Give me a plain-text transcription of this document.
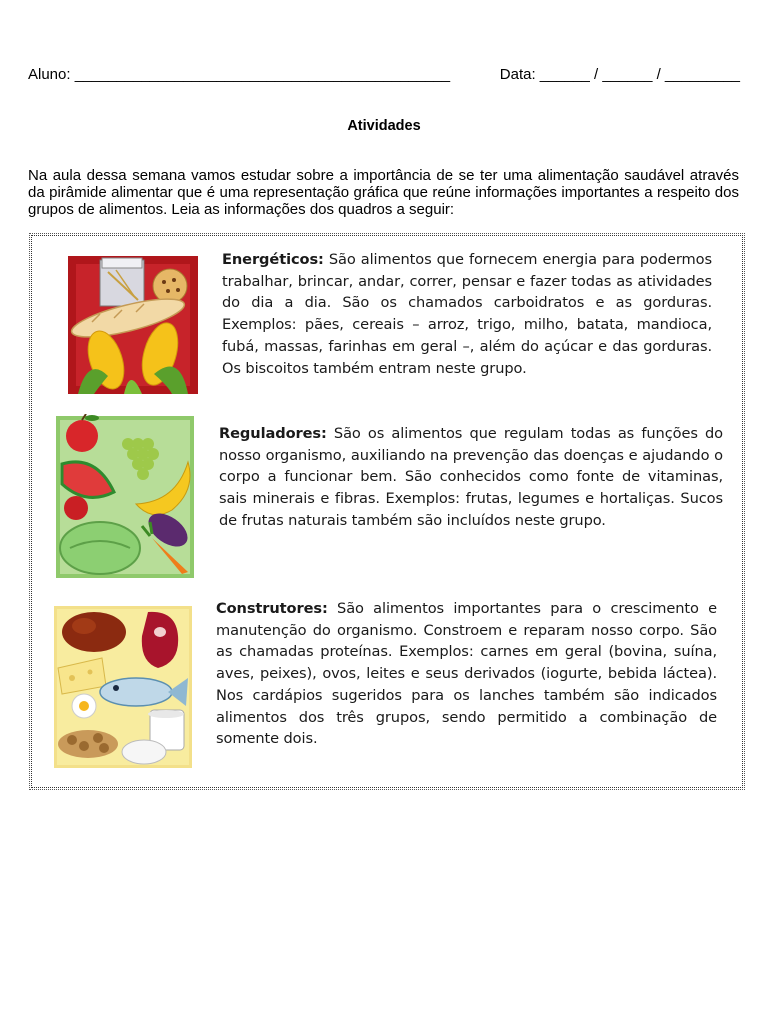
Aluno: _____________________________________________	Data: ______ / ______ / _________
Atividades

Na aula dessa semana vamos estudar sobre a importância de se ter uma alimentação saudável através da pirâmide alimentar que é uma representação gráfica que reúne informações importantes a respeito dos grupos de alimentos. Leia as informações dos quadros a seguir:

Energéticos: São alimentos que fornecem energia para podermos trabalhar, brincar, andar, correr, pensar e fazer todas as atividades do dia a dia. São os chamados carboidratos e as gorduras. Exemplos: pães, cereais – arroz, trigo, milho, batata, mandioca, fubá, massas, farinhas em geral –, além do açúcar e das gorduras. Os biscoitos também entram neste grupo.
Reguladores: São os alimentos que regulam todas as funções do nosso organismo, auxiliando na prevenção das doenças e ajudando o corpo a funcionar bem. São conhecidos como fonte de vitaminas, sais minerais e fibras. Exemplos: frutas, legumes e hortaliças. Sucos de frutas naturais também são incluídos neste grupo.
Construtores: São alimentos importantes para o crescimento e manutenção do organismo. Constroem e reparam nosso corpo. São as chamadas proteínas. Exemplos: carnes em geral (bovina, suína, aves, peixes), ovos, leites e seus derivados (iogurte, bebida láctea). Nos cardápios sugeridos para os lanches também são indicados alimentos dos três grupos, sendo permitido a combinação de somente dois.
